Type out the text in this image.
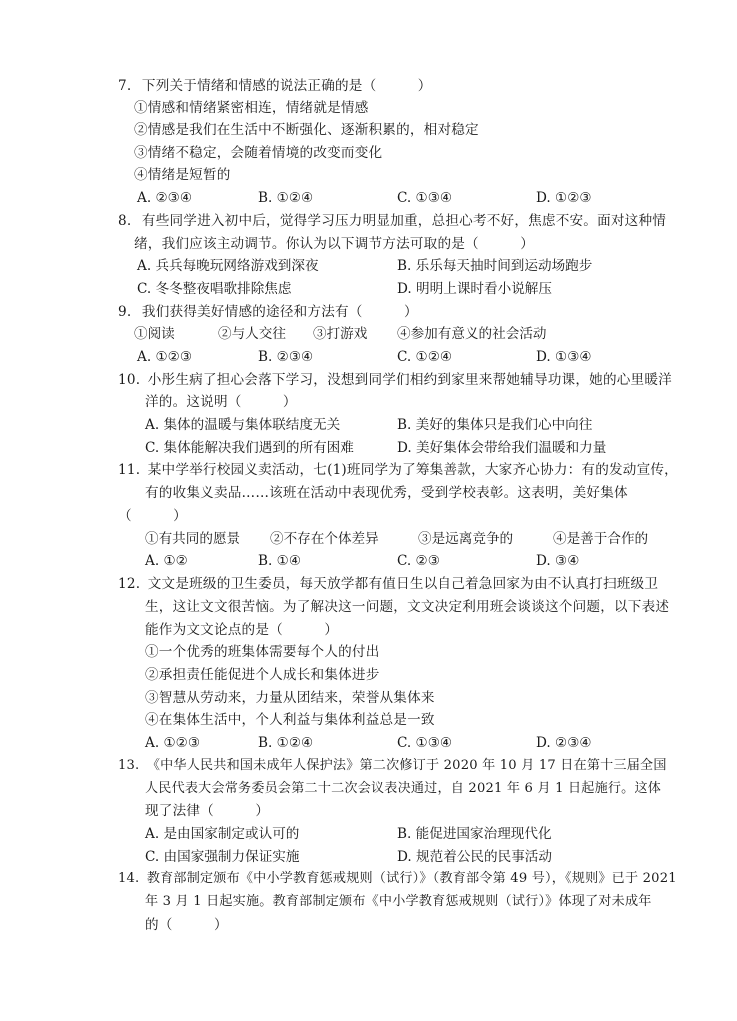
7. 下列关于情绪和情感的说法正确的是（　　　）
①情感和情绪紧密相连，情绪就是情感
②情感是我们在生活中不断强化、逐渐积累的，相对稳定
③情绪不稳定，会随着情境的改变而变化
④情绪是短暂的
A. ②③④	B. ①②④	C. ①③④	D. ①②③
8. 有些同学进入初中后，觉得学习压力明显加重，总担心考不好，焦虑不安。面对这种情
绪，我们应该主动调节。你认为以下调节方法可取的是（　　　）
A. 兵兵每晚玩网络游戏到深夜	B. 乐乐每天抽时间到运动场跑步
C. 冬冬整夜唱歌排除焦虑	D. 明明上课时看小说解压
9. 我们获得美好情感的途径和方法有（　　　）
①阅读	②与人交往 ③打游戏 ④参加有意义的社会活动
A. ①②③	B. ②③④	C. ①②④	D. ①③④
10. 小彤生病了担心会落下学习，没想到同学们相约到家里来帮她辅导功课，她的心里暖洋
洋的。这说明（　　　）
A. 集体的温暖与集体联结度无关	B. 美好的集体只是我们心中向往
C. 集体能解决我们遇到的所有困难	D. 美好集体会带给我们温暖和力量
11. 某中学举行校园义卖活动，七(1)班同学为了筹集善款，大家齐心协力：有的发动宣传，
有的收集义卖品……该班在活动中表现优秀，受到学校表彰。这表明，美好集体
（　　　）
①有共同的愿景 ②不存在个体差异	③是远离竞争的	④是善于合作的
A. ①②	B. ①④	C. ②③	D. ③④
12. 文文是班级的卫生委员，每天放学都有值日生以自己着急回家为由不认真打扫班级卫
生，这让文文很苦恼。为了解决这一问题，文文决定利用班会谈谈这个问题，以下表述
能作为文文论点的是（　　　）
①一个优秀的班集体需要每个人的付出
②承担责任能促进个人成长和集体进步
③智慧从劳动来，力量从团结来，荣誉从集体来
④在集体生活中，个人利益与集体利益总是一致
A. ①②③	B. ①②④	C. ①③④	D. ②③④
13. 《中华人民共和国未成年人保护法》第二次修订于 2020 年 10 月 17 日在第十三届全国
人民代表大会常务委员会第二十二次会议表决通过，自 2021 年 6 月 1 日起施行。这体
现了法律（　　　）
A. 是由国家制定或认可的	B. 能促进国家治理现代化
C. 由国家强制力保证实施	D. 规范着公民的民事活动
14. 教育部制定颁布《中小学教育惩戒规则（试行）》（教育部令第 49 号），《规则》已于 2021
年 3 月 1 日起实施。教育部制定颁布《中小学教育惩戒规则（试行）》体现了对未成年
的（　　　）
